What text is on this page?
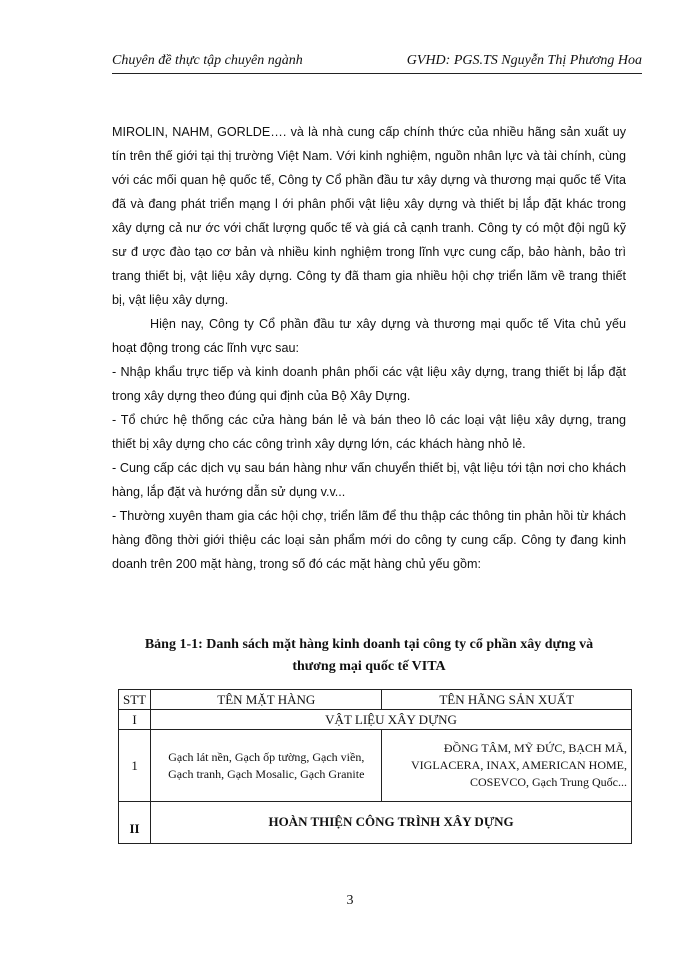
Chuyên đề thực tập chuyên ngành	GVHD: PGS.TS Nguyễn Thị Phương Hoa

MIROLIN, NAHM, GORLDE…. và là nhà cung cấp chính thức của nhiều hãng sản xuất uy tín trên thế giới tại thị trường Việt Nam. Với kinh nghiệm, nguồn nhân lực và tài chính, cùng với các mối quan hệ quốc tế, Công ty Cổ phần đầu tư xây dựng và thương mại quốc tế Vita đã và đang phát triển mạng l ới phân phối vật liệu xây dựng và thiết bị lắp đặt khác trong xây dựng cả nư ớc với chất lượng quốc tế và giá cả cạnh tranh. Công ty có một đội ngũ kỹ sư đ ược đào tạo cơ bản và nhiều kinh nghiệm trong lĩnh vực cung cấp, bảo hành, bảo trì trang thiết bị, vật liệu xây dựng. Công ty đã tham gia nhiều hội chợ triển lãm về trang thiết bị, vật liệu xây dựng.

Hiện nay, Công ty Cổ phần đầu tư xây dựng và thương mại quốc tế Vita chủ yếu hoạt động trong các lĩnh vực sau:

- Nhập khẩu trực tiếp và kinh doanh phân phối các vật liệu xây dựng, trang thiết bị lắp đặt trong xây dựng theo đúng qui định của Bộ Xây Dựng.

- Tổ chức hệ thống các cửa hàng bán lẻ và bán theo lô các loại vật liệu xây dựng, trang thiết bị xây dựng cho các công trình xây dựng lớn, các khách hàng nhỏ lẻ.

- Cung cấp các dịch vụ sau bán hàng như vấn chuyển thiết bị, vật liệu tới tận nơi cho khách hàng, lắp đặt và hướng dẫn sử dụng v.v...

- Thường xuyên tham gia các hội chợ, triển lãm để thu thập các thông tin phản hồi từ khách hàng đồng thời giới thiệu các loại sản phẩm mới do công ty cung cấp. Công ty đang kinh doanh trên 200 mặt hàng, trong số đó các mặt hàng chủ yếu gồm:

Bảng 1-1: Danh sách mặt hàng kinh doanh tại công ty cổ phần xây dựng và
thương mại quốc tế VITA
STT	TÊN MẶT HÀNG	TÊN HÃNG SẢN XUẤT
I	VẬT LIỆU XÂY DỰNG	
1	Gạch lát nền, Gạch ốp tường, Gạch viền, Gạch tranh, Gạch Mosalic, Gạch Granite	ĐỒNG TÂM, MỸ ĐỨC, BẠCH MÃ, VIGLACERA, INAX, AMERICAN HOME, COSEVCO, Gạch Trung Quốc...
II	HOÀN THIỆN CÔNG TRÌNH XÂY DỰNG	
3
